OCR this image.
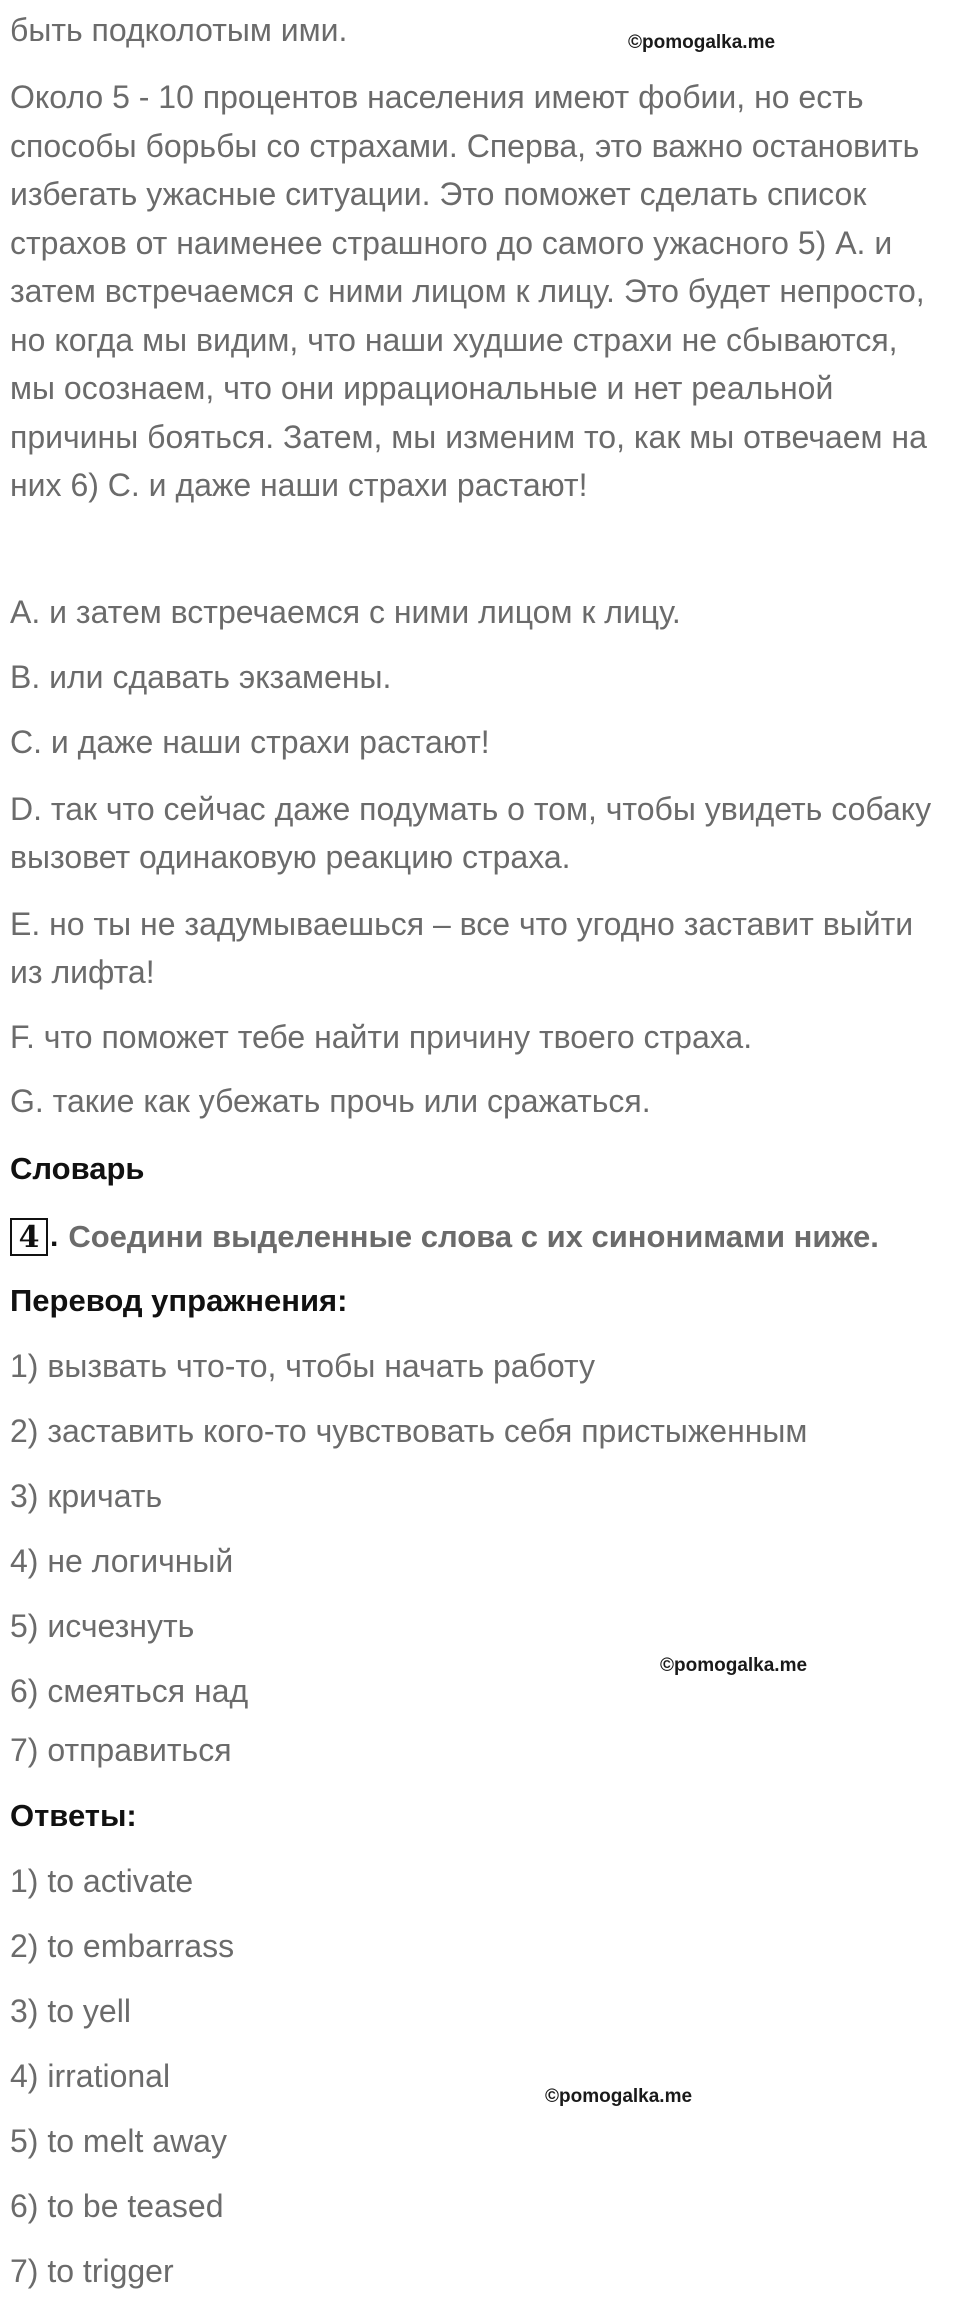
быть подколотым ими.	©pomogalka.me

Около 5 - 10 процентов населения имеют фобии, но есть способы борьбы со страхами. Сперва, это важно остановить избегать ужасные ситуации. Это поможет сделать список страхов от наименее страшного до самого ужасного 5) A. и затем встречаемся с ними лицом к лицу. Это будет непросто, но когда мы видим, что наши худшие страхи не сбываются, мы осознаем, что они иррациональные и нет реальной причины бояться. Затем, мы изменим то, как мы отвечаем на них 6) C. и даже наши страхи растают!

A. и затем встречаемся с ними лицом к лицу.
B. или сдавать экзамены.
C. и даже наши страхи растают!
D. так что сейчас даже подумать о том, чтобы увидеть собаку вызовет одинаковую реакцию страха.
E. но ты не задумываешься – все что угодно заставит выйти из лифта!
F. что поможет тебе найти причину твоего страха.
G. такие как убежать прочь или сражаться.
Словарь
4 . Соедини выделенные слова с их синонимами ниже.
Перевод упражнения:
1) вызвать что-то, чтобы начать работу
2) заставить кого-то чувствовать себя пристыженным
3) кричать
4) не логичный
5) исчезнуть
6) смеяться над
©pomogalka.me
7) отправиться
Ответы:
1) to activate
2) to embarrass
3) to yell
4) irrational
©pomogalka.me
5) to melt away
6) to be teased
7) to trigger
